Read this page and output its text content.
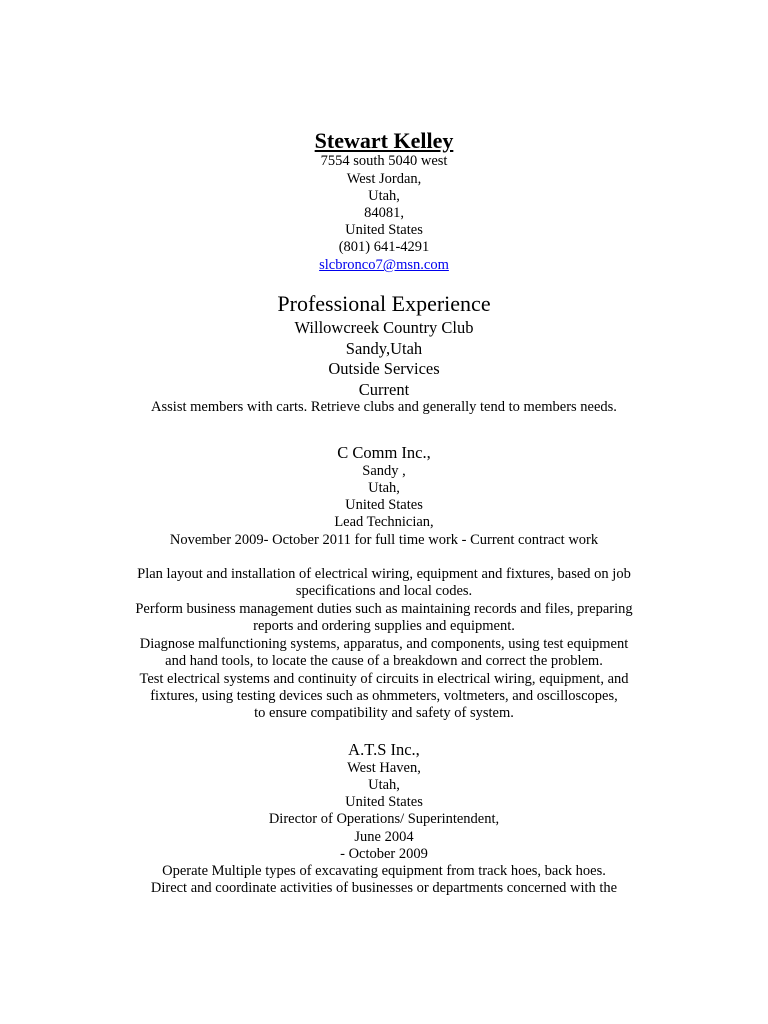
Stewart Kelley
7554 south 5040 west
West Jordan,
Utah,
84081,
United States
(801) 641-4291
slcbronco7@msn.com
Professional Experience
Willowcreek Country Club
Sandy,Utah
Outside Services
Current
Assist members with carts. Retrieve clubs and generally tend to members needs.
C Comm Inc.,
Sandy ,
Utah,
United States
Lead Technician,
November 2009- October 2011 for full time work - Current contract work
Plan layout and installation of electrical wiring, equipment and fixtures, based on job
specifications and local codes.
Perform business management duties such as maintaining records and files, preparing
reports and ordering supplies and equipment.
Diagnose malfunctioning systems, apparatus, and components, using test equipment
and hand tools, to locate the cause of a breakdown and correct the problem.
Test electrical systems and continuity of circuits in electrical wiring, equipment, and
fixtures, using testing devices such as ohmmeters, voltmeters, and oscilloscopes,
to ensure compatibility and safety of system.
A.T.S Inc.,
West Haven,
Utah,
United States
Director of Operations/ Superintendent,
June 2004
- October 2009
Operate Multiple types of excavating equipment from track hoes, back hoes.
Direct and coordinate activities of businesses or departments concerned with the
